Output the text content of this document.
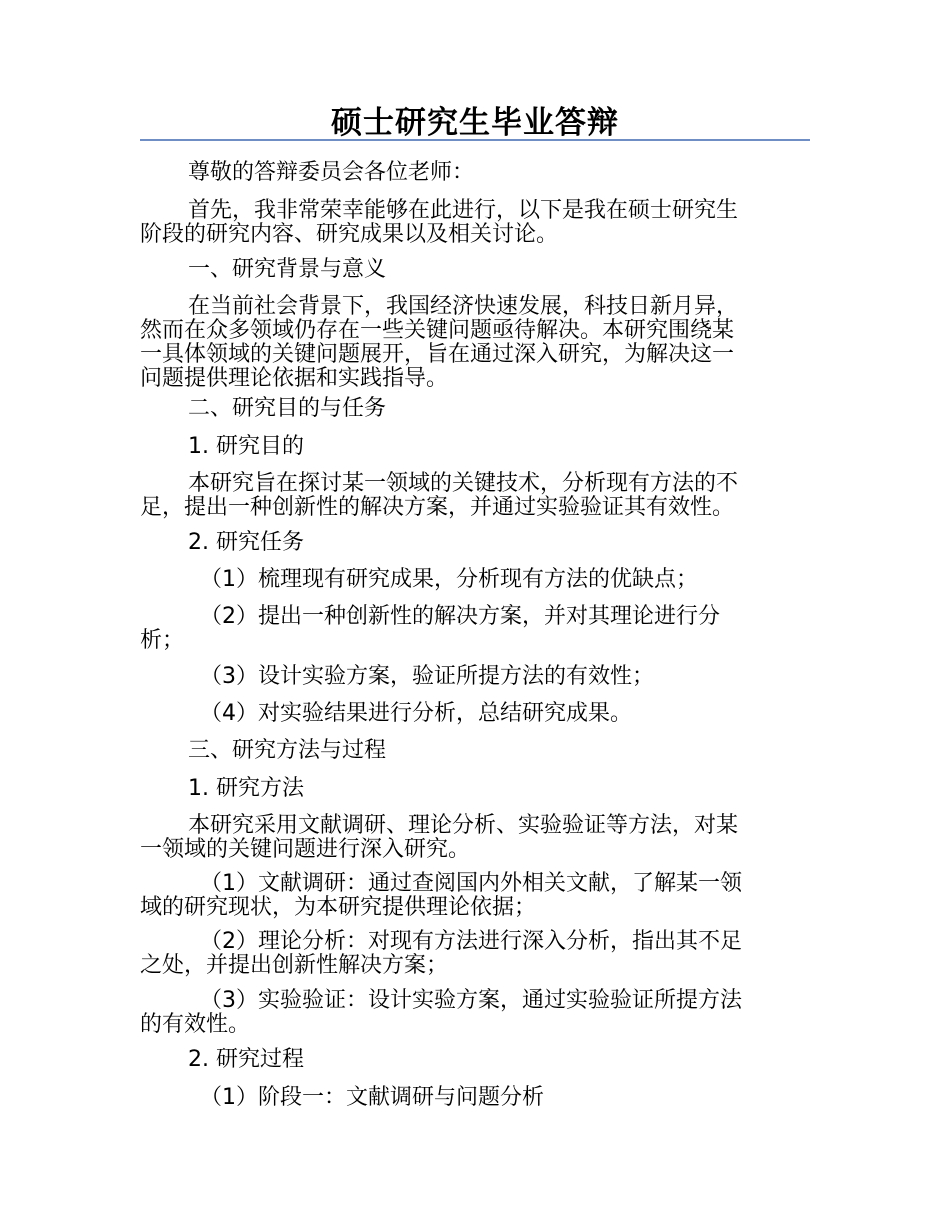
硕士研究生毕业答辩
尊敬的答辩委员会各位老师：
首先，我非常荣幸能够在此进行，以下是我在硕士研究生
阶段的研究内容、研究成果以及相关讨论。
一、研究背景与意义
在当前社会背景下，我国经济快速发展，科技日新月异，
然而在众多领域仍存在一些关键问题亟待解决。本研究围绕某
一具体领域的关键问题展开，旨在通过深入研究，为解决这一
问题提供理论依据和实践指导。
二、研究目的与任务
1. 研究目的
本研究旨在探讨某一领域的关键技术，分析现有方法的不
足，提出一种创新性的解决方案，并通过实验验证其有效性。
2. 研究任务
（1）梳理现有研究成果，分析现有方法的优缺点；
（2）提出一种创新性的解决方案，并对其理论进行分
析；
（3）设计实验方案，验证所提方法的有效性；
（4）对实验结果进行分析，总结研究成果。
三、研究方法与过程
1. 研究方法
本研究采用文献调研、理论分析、实验验证等方法，对某
一领域的关键问题进行深入研究。
（1）文献调研：通过查阅国内外相关文献，了解某一领
域的研究现状，为本研究提供理论依据；
（2）理论分析：对现有方法进行深入分析，指出其不足
之处，并提出创新性解决方案；
（3）实验验证：设计实验方案，通过实验验证所提方法
的有效性。
2. 研究过程
（1）阶段一：文献调研与问题分析
